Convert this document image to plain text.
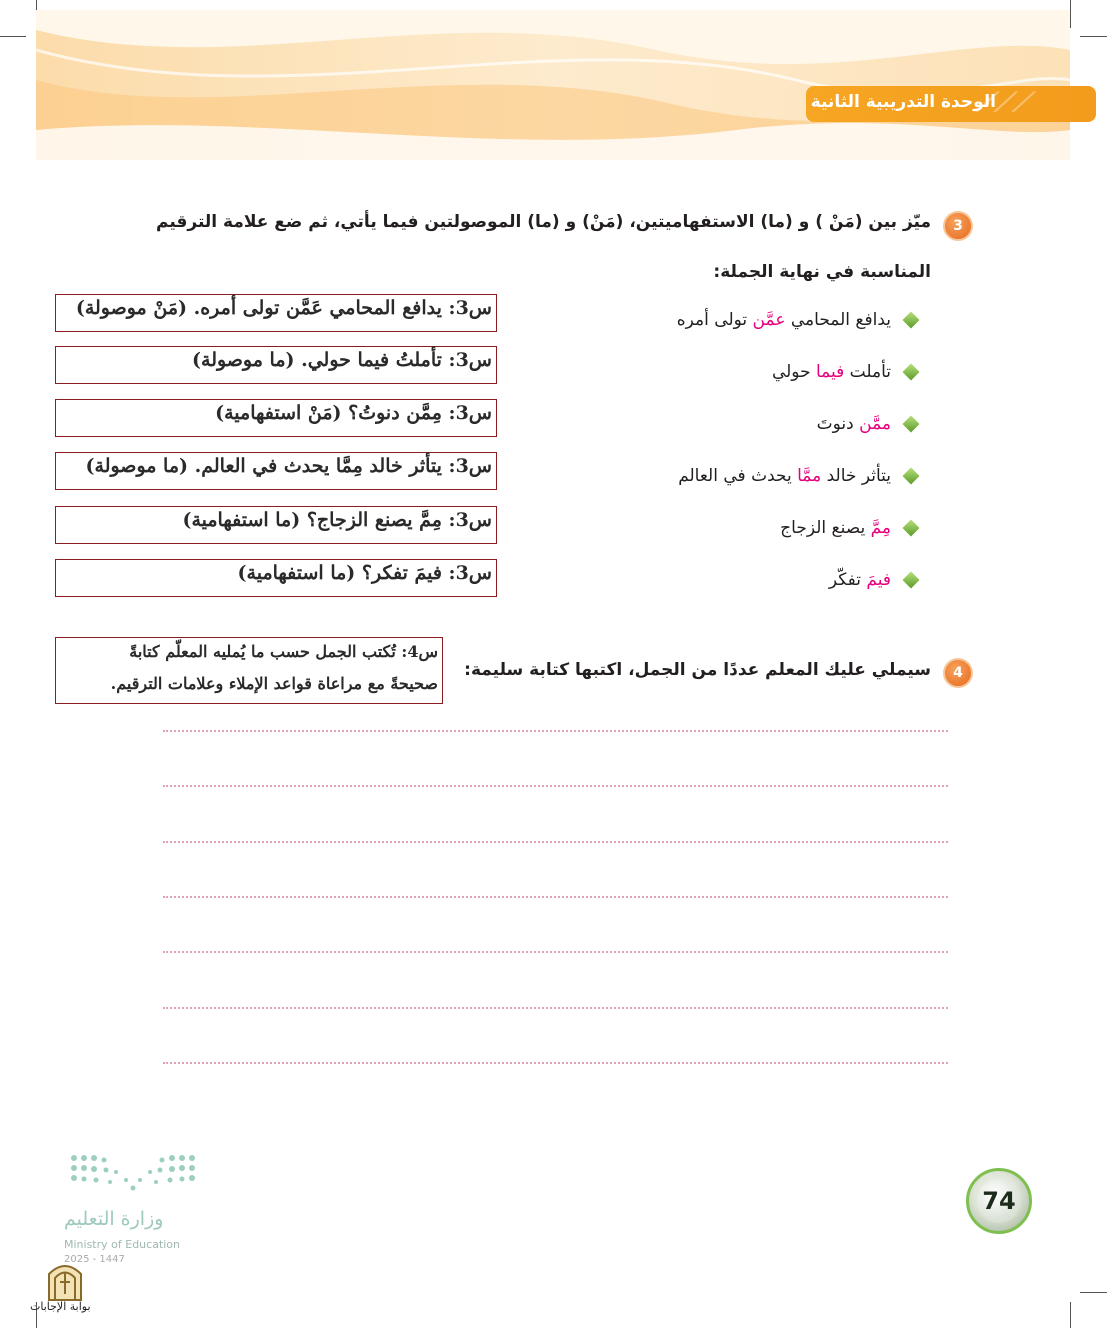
⟋⟋⟋
الوحدة التدريبية الثانية
3
ميّز بين (مَنْ ) و (ما) الاستفهاميتين، (مَنْ) و (ما) الموصولتين فيما يأتي، ثم ضع علامة الترقيم
المناسبة في نهاية الجملة:
يدافع المحامي عمَّن تولى أمره
تأملت فيما حولي
ممَّن دنوتَ
يتأثر خالد ممَّا يحدث في العالم
مِمَّ يصنع الزجاج
فيمَ تفكّر
س3: يدافع المحامي عَمَّن تولى أمره. (مَنْ موصولة)
س3: تأملتُ فيما حولي. (ما موصولة)
س3: مِمَّن دنوتُ؟ (مَنْ استفهامية)
س3: يتأثر خالد مِمَّا يحدث في العالم. (ما موصولة)
س3: مِمَّ يصنع الزجاج؟ (ما استفهامية)
س3: فيمَ تفكر؟ (ما استفهامية)
4
سيملي عليك المعلم عددًا من الجمل، اكتبها كتابة سليمة:
س4: تُكتب الجمل حسب ما يُمليه المعلّم كتابةً
صحيحةً مع مراعاة قواعد الإملاء وعلامات الترقيم.
وزارة التعليم
Ministry of Education
2025 - 1447
بوابة الإجابات
74
